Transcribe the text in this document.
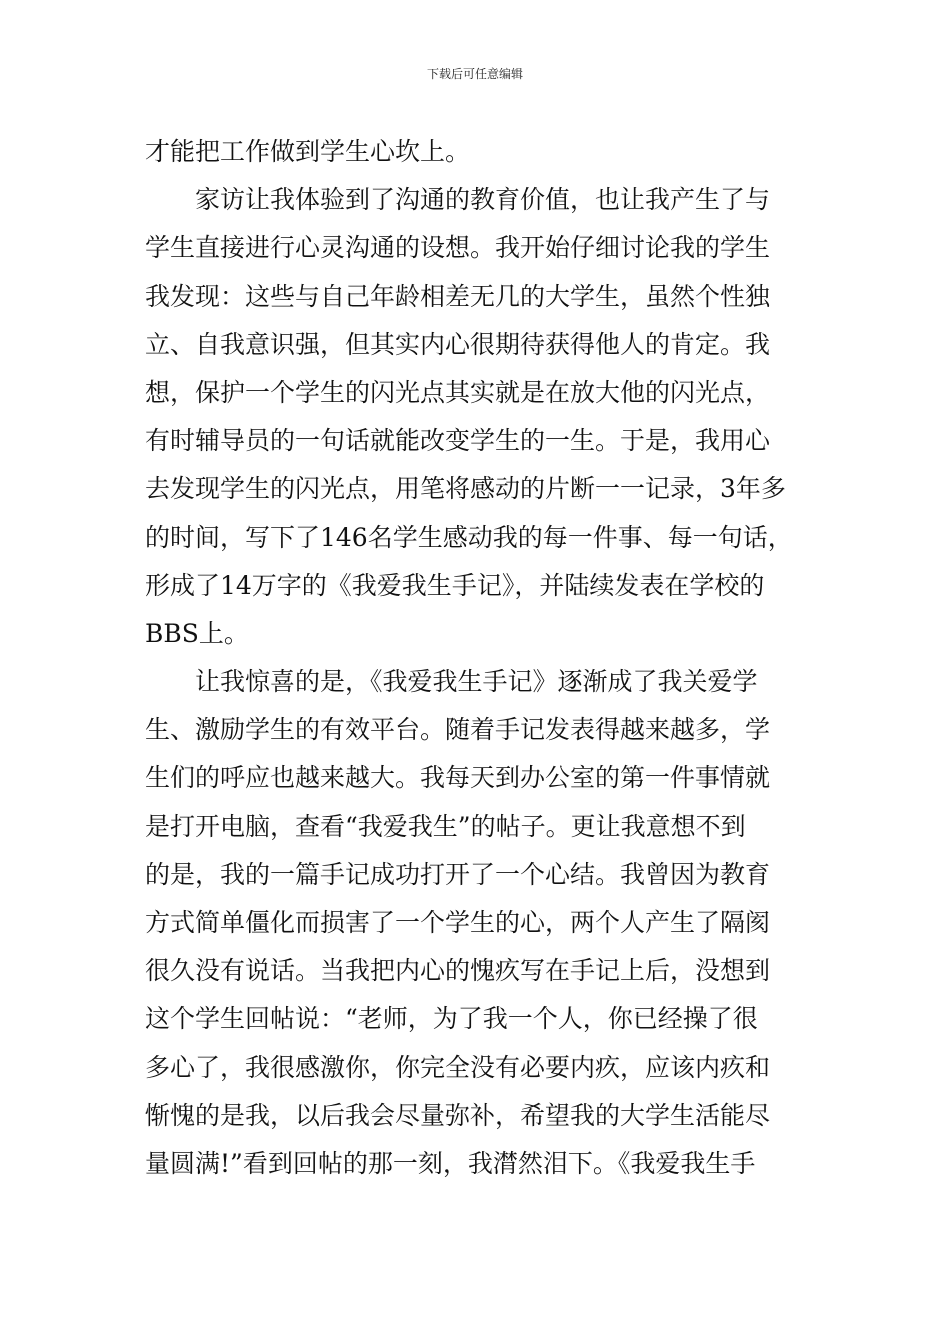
下载后可任意编辑
才能把工作做到学生心坎上。
家访让我体验到了沟通的教育价值，也让我产生了与
学生直接进行心灵沟通的设想。我开始仔细讨论我的学生
我发现：这些与自己年龄相差无几的大学生，虽然个性独
立、自我意识强，但其实内心很期待获得他人的肯定。我
想，保护一个学生的闪光点其实就是在放大他的闪光点，
有时辅导员的一句话就能改变学生的一生。于是，我用心
去发现学生的闪光点，用笔将感动的片断一一记录，3年多
的时间，写下了146名学生感动我的每一件事、每一句话，
形成了14万字的《我爱我生手记》，并陆续发表在学校的
BBS上。
让我惊喜的是，《我爱我生手记》逐渐成了我关爱学
生、激励学生的有效平台。随着手记发表得越来越多，学
生们的呼应也越来越大。我每天到办公室的第一件事情就
是打开电脑，查看“我爱我生”的帖子。更让我意想不到
的是，我的一篇手记成功打开了一个心结。我曾因为教育
方式简单僵化而损害了一个学生的心，两个人产生了隔阂
很久没有说话。当我把内心的愧疚写在手记上后，没想到
这个学生回帖说：“老师，为了我一个人，你已经操了很
多心了，我很感激你，你完全没有必要内疚，应该内疚和
惭愧的是我，以后我会尽量弥补，希望我的大学生活能尽
量圆满!”看到回帖的那一刻，我潸然泪下。《我爱我生手
